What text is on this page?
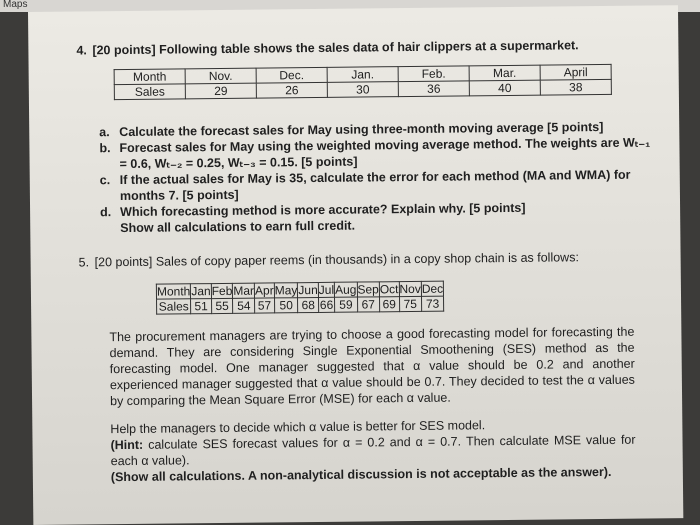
Maps
4. [20 points] Following table shows the sales data of hair clippers at a supermarket.
Month	Nov.	Dec.	Jan.	Feb.	Mar.	April
Sales	29	26	30	36	40	38
a. Calculate the forecast sales for May using three-month moving average [5 points]
b. Forecast sales for May using the weighted moving average method. The weights are Wₜ₋₁
= 0.6, Wₜ₋₂ = 0.25, Wₜ₋₃ = 0.15. [5 points]
c. If the actual sales for May is 35, calculate the error for each method (MA and WMA) for
months 7. [5 points]
d. Which forecasting method is more accurate? Explain why. [5 points]
Show all calculations to earn full credit.
5. [20 points] Sales of copy paper reems (in thousands) in a copy shop chain is as follows:
Month	Jan	Feb	Mar	Apr	May	Jun	Jul	Aug	Sep	Oct	Nov	Dec
Sales	51	55	54	57	50	68	66	59	67	69	75	73
The procurement managers are trying to choose a good forecasting model for forecasting the demand. They are considering Single Exponential Smoothening (SES) method as the forecasting model. One manager suggested that α value should be 0.2 and another experienced manager suggested that α value should be 0.7. They decided to test the α values by comparing the Mean Square Error (MSE) for each α value.
Help the managers to decide which α value is better for SES model.
(Hint: calculate SES forecast values for α = 0.2 and α = 0.7. Then calculate MSE value for each α value).
(Show all calculations. A non-analytical discussion is not acceptable as the answer).
